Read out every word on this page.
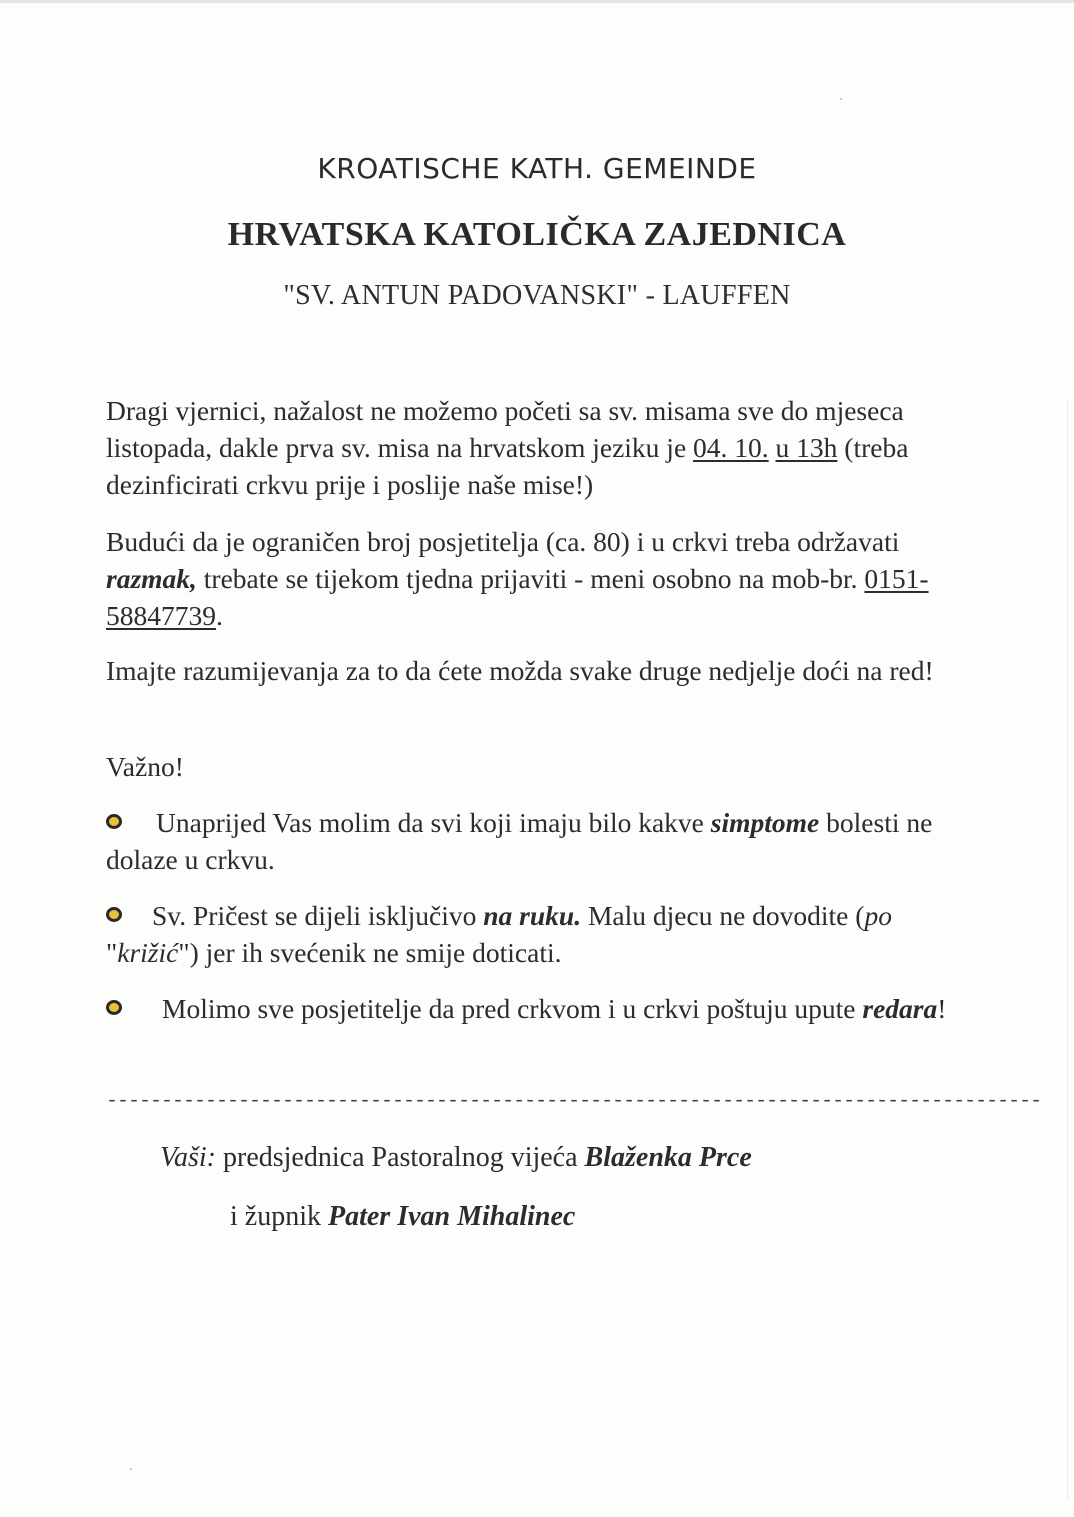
KROATISCHE KATH. GEMEINDE
HRVATSKA KATOLIČKA ZAJEDNICA
"SV. ANTUN PADOVANSKI" - LAUFFEN
Dragi vjernici, nažalost ne možemo početi sa sv. misama sve do mjeseca listopada, dakle prva sv. misa na hrvatskom jeziku je 04. 10. u 13h (treba dezinficirati crkvu prije i poslije naše mise!)
Budući da je ograničen broj posjetitelja (ca. 80) i u crkvi treba održavati razmak, trebate se tijekom tjedna prijaviti - meni osobno na mob-br. 0151-58847739.
Imajte razumijevanja za to da ćete možda svake druge nedjelje doći na red!
Važno!
Unaprijed Vas molim da svi koji imaju bilo kakve simptome bolesti ne dolaze u crkvu.
Sv. Pričest se dijeli isključivo na ruku. Malu djecu ne dovodite (po "križić") jer ih svećenik ne smije doticati.
Molimo sve posjetitelje da pred crkvom i u crkvi poštuju upute redara!
-------------------------------------------------------------------------------------
Vaši: predsjednica Pastoralnog vijeća Blaženka Prce
i župnik Pater Ivan Mihalinec
